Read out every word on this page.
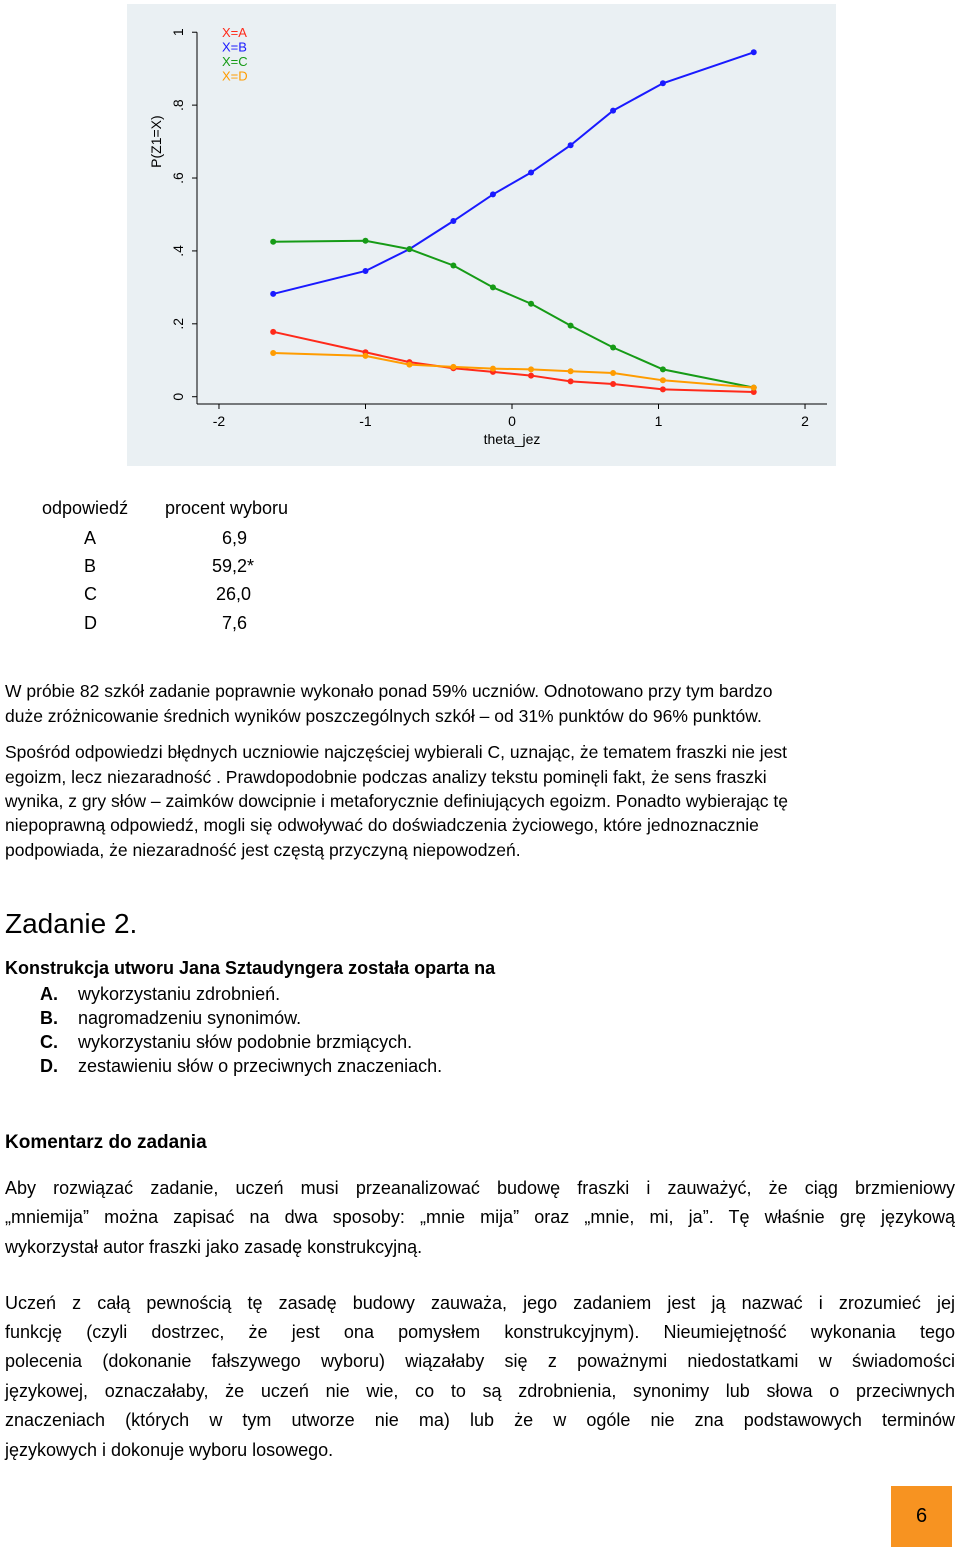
-2	-1	0	1	2
0
.2
.4
.6
.8
1
theta_jez
P(Z1=X)
X=A
X=B
X=C
X=D
odpowiedź procent wyboru
A	6,9
B	59,2*
C	26,0
D	7,6
W próbie 82 szkół zadanie poprawnie wykonało ponad 59% uczniów. Odnotowano przy tym bardzo
duże zróżnicowanie średnich wyników poszczególnych szkół – od 31% punktów do 96% punktów.
Spośród odpowiedzi błędnych uczniowie najczęściej wybierali C, uznając, że tematem fraszki nie jest
egoizm, lecz niezaradność . Prawdopodobnie podczas analizy tekstu pominęli fakt, że sens fraszki
wynika, z gry słów – zaimków dowcipnie i metaforycznie definiujących egoizm. Ponadto wybierając tę
niepoprawną odpowiedź, mogli się odwoływać do doświadczenia życiowego, które jednoznacznie
podpowiada, że niezaradność jest częstą przyczyną niepowodzeń.
Zadanie 2.
Konstrukcja utworu Jana Sztaudyngera została oparta na
A. wykorzystaniu zdrobnień.
B. nagromadzeniu synonimów.
C. wykorzystaniu słów podobnie brzmiących.
D. zestawieniu słów o przeciwnych znaczeniach.
Komentarz do zadania
Aby rozwiązać zadanie, uczeń musi przeanalizować budowę fraszki i zauważyć, że ciąg brzmieniowy
„mniemija” można zapisać na dwa sposoby: „mnie mija” oraz „mnie, mi, ja”. Tę właśnie grę językową
wykorzystał autor fraszki jako zasadę konstrukcyjną.
Uczeń z całą pewnością tę zasadę budowy zauważa, jego zadaniem jest ją nazwać i zrozumieć jej
funkcję (czyli dostrzec, że jest ona pomysłem konstrukcyjnym). Nieumiejętność wykonania tego
polecenia (dokonanie fałszywego wyboru) wiązałaby się z poważnymi niedostatkami w świadomości
językowej, oznaczałaby, że uczeń nie wie, co to są zdrobnienia, synonimy lub słowa o przeciwnych
znaczeniach (których w tym utworze nie ma) lub że w ogóle nie zna podstawowych terminów
językowych i dokonuje wyboru losowego.
6
